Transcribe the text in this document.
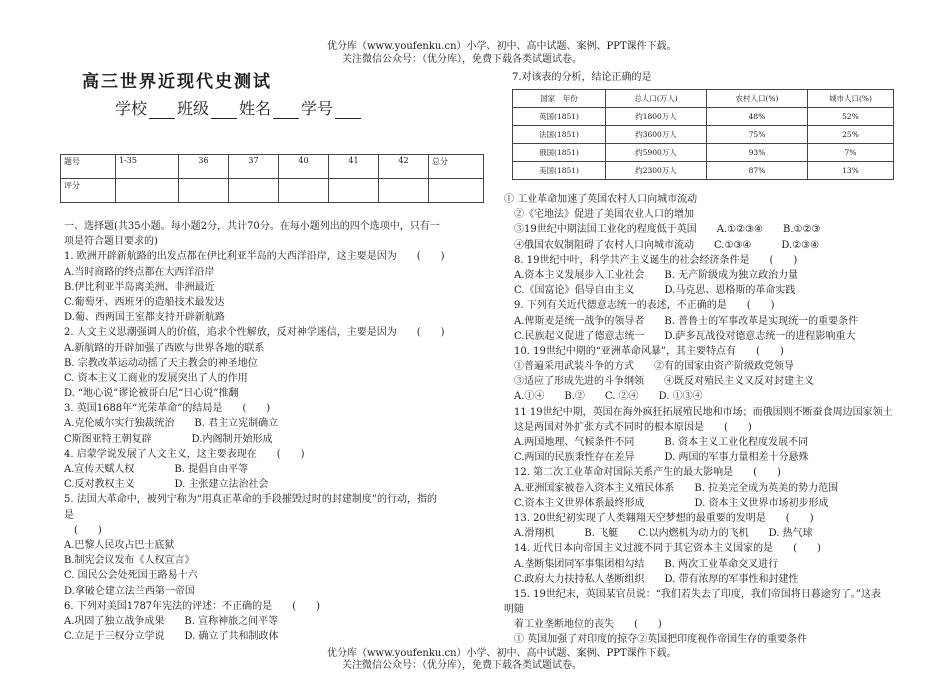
优分库（www.youfenku.cn）小学、初中、高中试题、案例、PPT课件下载。
关注微信公众号：（优分库），免费下载各类试题试卷。
优分库（www.youfenku.cn）小学、初中、高中试题、案例、PPT课件下载。
关注微信公众号：（优分库），免费下载各类试题试卷。
高三世界近现代史测试
学校 班级 姓名 学号
题号	1-35	36	37	40	41	42	总分
评分							
一、选择题(共35小题。每小题2分，共计70分。在每小题列出的四个选项中，只有一
项是符合题目要求的)
1. 欧洲开辟新航路的出发点都在伊比利亚半岛的大西洋沿岸，这主要是因为　　(　　)
A.当时商路的终点都在大西洋沿岸
B.伊比利亚半岛离美洲、非洲最近
C.葡萄牙、西班牙的造船技术最发达
D.葡、西两国王室都支持开辟新航路
2. 人文主义思潮强调人的价值，追求个性解放，反对神学迷信，主要是因为　　(　　)
A.新航路的开辟加强了西欧与世界各地的联系
B. 宗教改革运动动摇了天主教会的神圣地位
C. 资本主义工商业的发展突出了人的作用
D. “地心说”谬论被哥白尼“日心说”推翻
3. 英国1688年“光荣革命”的结局是　　(　　)
A.克伦威尔实行独裁统治　　B. 君主立宪制确立
C斯图亚特王朝复辟　　　　D.内阁制开始形成
4. 启蒙学说发展了人文主义，这主要表现在　　(　　)
A.宣传天赋人权　　　　B. 提倡自由平等
C.反对教权主义　　　　D. 主张建立法治社会
5. 法国大革命中，被列宁称为“用真正革命的手段摧毁过时的封建制度”的行动，指的
是
　(　　)
A.巴黎人民攻占巴士底狱
B.制宪会议发布《人权宣言》
C. 国民公会处死国王路易十六
D.拿破仑建立法兰西第一帝国
6. 下列对美国1787年宪法的评述：不正确的是　　(　　)
A.巩固了独立战争成果　　B. 宣称神旅之间平等
C.立足于三权分立学说　　D. 确立了共和制政体
7.对该表的分析，结论正确的是
国家　年份	总人口(万人)	农村人口(%)	城市人口(%)
英国(1851)	约1800万人	48%	52%
法国(1851)	约3600万人	75%	25%
俄国(1851)	约5900万人	93%	7%
美国(1851)	约2300万人	87%	13%
① 工业革命加速了英国农村人口向城市流动
　②《宅地法》促进了美国农业人口的增加
　③19世纪中期法国工业化的程度低于英国　　A.①②③④　　B.①②③
　④俄国农奴制阻碍了农村人口向城市流动　　C.①③④　　　D.②③④
　8. 19世纪中叶，科学共产主义诞生的社会经济条件是　　(　　)
　A.资本主义发展步入工业社会　　B. 无产阶级成为独立政治力量
　C.《国富论》倡导自由主义　　　D.马克思、恩格斯的革命实践
　9. 下列有关近代德意志统一的表述，不正确的是　　(　　)
　A.俾斯麦是统一战争的领导者　　B. 普鲁士的军事改革是实现统一的重要条件
　C.民族起义促进了德意志统一　　D.萨多瓦战役对德意志统一的进程影响重大
　10. 19世纪中期的“亚洲革命风暴”，其主要特点有　　(　　)
　①普遍采用武装斗争的方式　　②有的国家由资产阶级政党领导
　③适应了形成先进的斗争纲领　　④既反对殖民主义又反对封建主义
　A.①④　　B.②　　C. ②④　　D. ①③④
　11 19世纪中期，英国在海外疯狂拓展殖民地和市场；而俄国则不断蚕食周边国家领土
　这是两国对外扩张方式不同时的根本原因是　　(　　)
　A.两国地理、气候条件不同　　　B. 资本主义工业化程度发展不同
　C.两国的民族秉性存在差异　　　D. 两国的军事力量相差十分悬殊
　12. 第二次工业革命对国际关系产生的最大影响是　　(　　)
　A.亚洲国家被卷入资本主义殖民体系　　B. 拉美完全成为英美的势力范围
　C.资本主义世界体系最终形成　　　　　D. 资本主义世界市场初步形成
　13. 20世纪初实现了人类翱翔天空梦想的最重要的发明是　　(　　)
　A.滑翔机　　　B. 飞艇　　C.以内燃机为动力的飞机　　D. 热气球
　14. 近代日本向帝国主义过渡不同于其它资本主义国家的是　　(　　)
　A.垄断集团同军事集团相勾结　　B. 两次工业革命交叉进行
　C.政府大力扶持私人垄断组织　　D. 带有浓厚的军事性和封建性
　15. 19世纪末，英国某官员说：“我们若失去了印度，我们帝国将日暮途穷了。”这表
明随
　着工业垄断地位的丧失　　(　　)
　① 英国加强了对印度的掠夺②英国把印度视作帝国生存的重要条件
